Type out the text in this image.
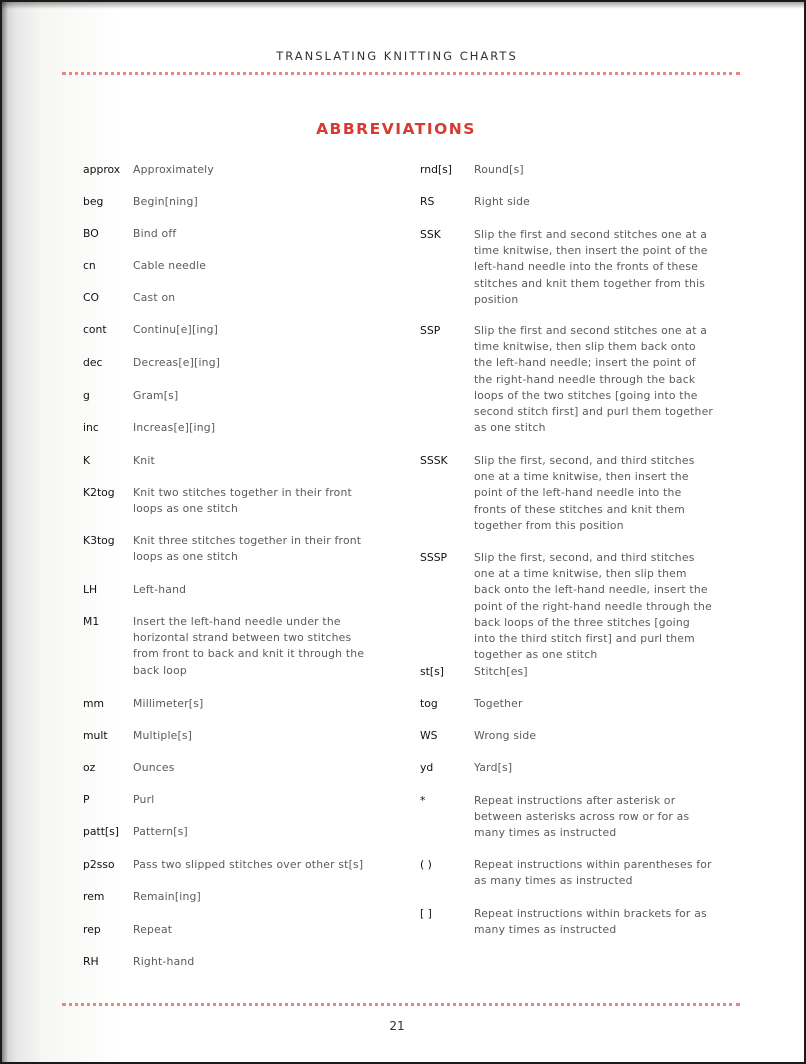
TRANSLATING KNITTING CHARTS
ABBREVIATIONS
approx Approximately
beg	Begin[ning]
BO	Bind off
cn	Cable needle
CO	Cast on
cont Continu[e][ing]
dec	Decreas[e][ing]
g	Gram[s]
inc	Increas[e][ing]
K	Knit
K2tog Knit two stitches together in their front loops as one stitch
K3tog Knit three stitches together in their front loops as one stitch
LH	Left-hand
M1	Insert the left-hand needle under the horizontal strand between two stitches from front to back and knit it through the back loop
mm	Millimeter[s]
mult Multiple[s]
oz	Ounces
P	Purl
patt[s] Pattern[s]
p2sso Pass two slipped stitches over other st[s]
rem	Remain[ing]
rep	Repeat
RH	Right-hand
rnd[s] Round[s]
RS	Right side
SSK	Slip the first and second stitches one at a time knitwise, then insert the point of the left-hand needle into the fronts of these stitches and knit them together from this position
SSP	Slip the first and second stitches one at a time knitwise, then slip them back onto the left-hand needle; insert the point of the right-hand needle through the back loops of the two stitches [going into the second stitch first] and purl them together as one stitch
SSSK Slip the first, second, and third stitches one at a time knitwise, then insert the point of the left-hand needle into the fronts of these stitches and knit them together from this position
SSSP Slip the first, second, and third stitches one at a time knitwise, then slip them back onto the left-hand needle, insert the point of the right-hand needle through the back loops of the three stitches [going into the third stitch first] and purl them together as one stitch
st[s]	Stitch[es]
tog	Together
WS	Wrong side
yd	Yard[s]
*	Repeat instructions after asterisk or between asterisks across row or for as many times as instructed
( )	Repeat instructions within parentheses for as many times as instructed
[ ]	Repeat instructions within brackets for as many times as instructed
21
